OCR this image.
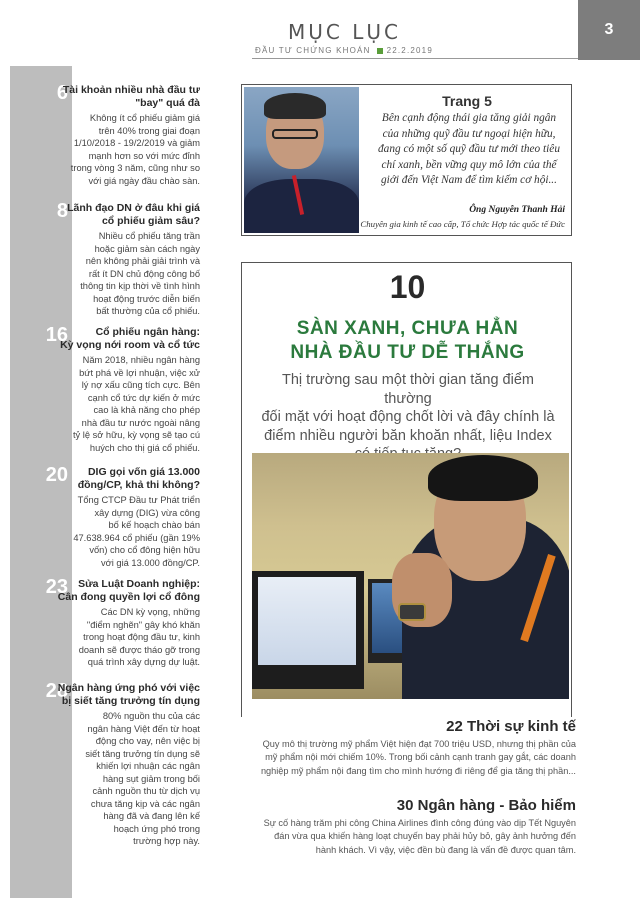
MỤC LỤC
ĐẦU TƯ CHỨNG KHOÁN 22.2.2019
3
6
Tài khoản nhiều nhà đầu tư
"bay" quá đà
Không ít cổ phiếu giảm giá
trên 40% trong giai đoạn
1/10/2018 - 19/2/2019 và giảm
mạnh hơn so với mức đỉnh
trong vòng 3 năm, cũng như so
với giá ngày đầu chào sàn.
8 Lãnh đạo DN ở đâu khi giá
cổ phiếu giảm sâu?
Nhiều cổ phiếu tăng trần
hoặc giảm sàn cách ngày
nên không phải giải trình và
rất ít DN chủ động công bố
thông tin kịp thời về tình hình
hoạt động trước diễn biến
bất thường của cổ phiếu.
16	Cổ phiếu ngân hàng:
Kỳ vọng nới room và cổ tức
Năm 2018, nhiều ngân hàng
bứt phá về lợi nhuận, việc xử
lý nợ xấu cũng tích cực. Bên
cạnh cổ tức dự kiến ở mức
cao là khả năng cho phép
nhà đầu tư nước ngoài nâng
tỷ lệ sở hữu, kỳ vọng sẽ tạo cú
huých cho thị giá cổ phiếu.
20	DIG gọi vốn giá 13.000
đồng/CP, khả thi không?
Tổng CTCP Đầu tư Phát triển
xây dựng (DIG) vừa công
bố kế hoạch chào bán
47.638.964 cổ phiếu (gần 19%
vốn) cho cổ đông hiện hữu
với giá 13.000 đồng/CP.
23 Sửa Luật Doanh nghiệp:
Cân đong quyền lợi cổ đông
Các DN kỳ vọng, những
"điểm nghẽn" gây khó khăn
trong hoạt động đầu tư, kinh
doanh sẽ được tháo gỡ trong
quá trình xây dựng dự luật.
28
Ngân hàng ứng phó với việc
bị siết tăng trưởng tín dụng
80% nguồn thu của các
ngân hàng Việt đến từ hoạt
động cho vay, nên việc bị
siết tăng trưởng tín dụng sẽ
khiến lợi nhuận các ngân
hàng sụt giảm trong bối
cảnh nguồn thu từ dịch vụ
chưa tăng kịp và các ngân
hàng đã và đang lên kế
hoạch ứng phó trong
trường hợp này.
Trang 5
Bên cạnh động thái gia tăng giải ngân
của những quỹ đầu tư ngoại hiện hữu,
đang có một số quỹ đầu tư mới theo tiêu
chí xanh, bền vững quy mô lớn của thế
giới đến Việt Nam để tìm kiếm cơ hội...
Ông Nguyễn Thanh Hải
Chuyên gia kinh tế cao cấp, Tổ chức Hợp tác quốc tế Đức
10
SÀN XANH, CHƯA HẲN
NHÀ ĐẦU TƯ DỄ THẮNG
Thị trường sau một thời gian tăng điểm thường
đối mặt với hoạt động chốt lời và đây chính là
điểm nhiều người băn khoăn nhất, liệu Index
22 Thời sự kinh tế
Quy mô thị trường mỹ phẩm Việt hiện đạt 700 triệu USD, nhưng thị phần của
mỹ phẩm nội mới chiếm 10%. Trong bối cảnh cạnh tranh gay gắt, các doanh
nghiệp mỹ phẩm nội đang tìm cho mình hướng đi riêng để gia tăng thị phần...
30 Ngân hàng - Bảo hiểm
Sự cố hàng trăm phi công China Airlines đình công đúng vào dịp Tết Nguyên
đán vừa qua khiến hàng loạt chuyến bay phải hủy bỏ, gây ảnh hưởng đến
hành khách. Vì vậy, việc đền bù đang là vấn đề được quan tâm.
